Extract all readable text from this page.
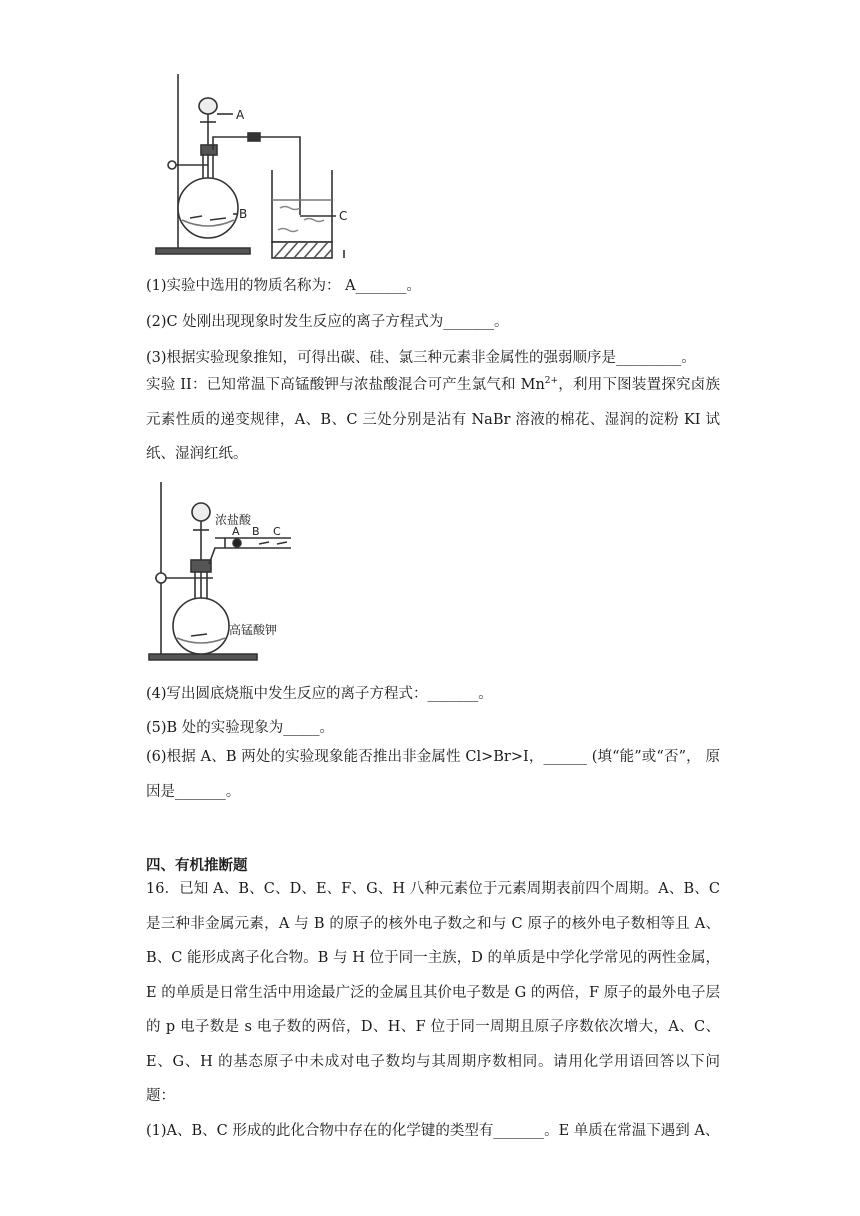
A
B	C
(1)实验中选用的物质名称为： A_______。
(2)C 处刚出现现象时发生反应的离子方程式为_______。
(3)根据实验现象推知，可得出碳、硅、氯三种元素非金属性的强弱顺序是_________。
实验 II：已知常温下高锰酸钾与浓盐酸混合可产生氯气和 $Mn^{2+}$，利用下图装置探究卤族元素性质的递变规律，A、B、C 三处分别是沾有 NaBr 溶液的棉花、湿润的淀粉 KI 试纸、湿润红纸。
浓盐酸
A B C
高锰酸钾
(4)写出圆底烧瓶中发生反应的离子方程式：_______。
(5)B 处的实验现象为_____。
(6)根据 A、B 两处的实验现象能否推出非金属性 Cl>Br>I，______ (填“能”或“否”， 原因是_______。
四、有机推断题
16．已知 A、B、C、D、E、F、G、H 八种元素位于元素周期表前四个周期。A、B、C 是三种非金属元素，A 与 B 的原子的核外电子数之和与 C 原子的核外电子数相等且 A、B、C 能形成离子化合物。B 与 H 位于同一主族，D 的单质是中学化学常见的两性金属，E 的单质是日常生活中用途最广泛的金属且其价电子数是 G 的两倍，F 原子的最外电子层的 p 电子数是 s 电子数的两倍，D、H、F 位于同一周期且原子序数依次增大，A、C、E、G、H 的基态原子中未成对电子数均与其周期序数相同。请用化学用语回答以下问题：
(1)A、B、C 形成的此化合物中存在的化学键的类型有_______。E 单质在常温下遇到 A、
